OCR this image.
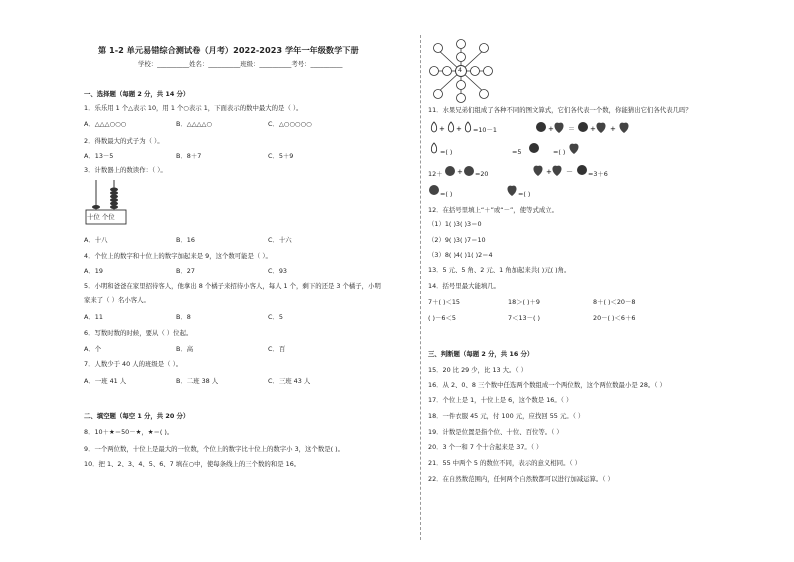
第 1-2 单元易错综合测试卷（月考）2022-2023 学年一年级数学下册
学校：__________姓名：__________班级：__________考号：__________
一、选择题（每题 2 分，共 14 分）
1．乐乐用 1 个△表示 10，用 1 个○表示 1，下面表示的数中最大的是（ ）。
A．△△△○○○	B．△△△△○	C．△○○○○○
2．得数最大的式子为（ ）。
A．13－5	B．8＋7	C．5＋9
3．计数器上的数读作：（ ）。
十位 个位
A．十八	B．16	C．十六
4．个位上的数字和十位上的数字加起来是 9，这个数可能是（ ）。
A．19	B．27	C．93
5．小明和爸爸在家里招待客人，他拿出 8 个橘子来招待小客人，每人 1 个，剩下的还是 3 个橘子，小明
家来了（ ）名小客人。
A．11	B．8	C．5
6．写数时数的时候，要从（ ）位起。
A．个	B．高	C．百
7．人数少于 40 人的班级是（ ）。
A．一班 41 人	B．二班 38 人	C．三班 43 人
二、填空题（每空 1 分，共 20 分）
8．10＋★＝50－★，★＝( )。
9．一个两位数，十位上是最大的一位数，个位上的数字比十位上的数字小 3，这个数是( )。
10．把 1、2、3、4、5、6、7 填在○中，使每条线上的三个数的和是 16。
4
11．水果兄弟们组成了各种不同的图文算式，它们各代表一个数，你能猜出它们各代表几吗？
+ +	+ ＝ + +
=10－1
=( )	=5	=( )
+	+ －
12＋	=20	=3＋6
=( )	=( )
12．在括号里填上“＋”或“－”，使等式成立。
（1）1( )3( )3＝0
（2）9( )3( )7＝10
（3）8( )4( )1( )2＝4
13．5 元、5 角、2 元、1 角加起来共( )元( )角。
14．括号里最大能填几。
7＋( )＜15	18＞( )＋9	8＋( )＜20－8
( )－6＜5	7＜13－( )	20－( )＜6＋6
三、判断题（每题 2 分，共 16 分）
15．20 比 29 少，比 13 大。（ ）
16．从 2、0、8 三个数中任选两个数组成一个两位数，这个两位数最小是 28。（ ）
17．个位上是 1，十位上是 6，这个数是 16。（ ）
18．一件衣服 45 元，付 100 元，应找回 55 元。（ ）
19．计数是位置是指个位、十位、百位等。（ ）
20．3 个一和 7 个十合起来是 37。（ ）
21．55 中两个 5 的数位不同，表示的意义相同。（ ）
22．在自然数范围内，任何两个自然数都可以进行加减运算。（ ）
